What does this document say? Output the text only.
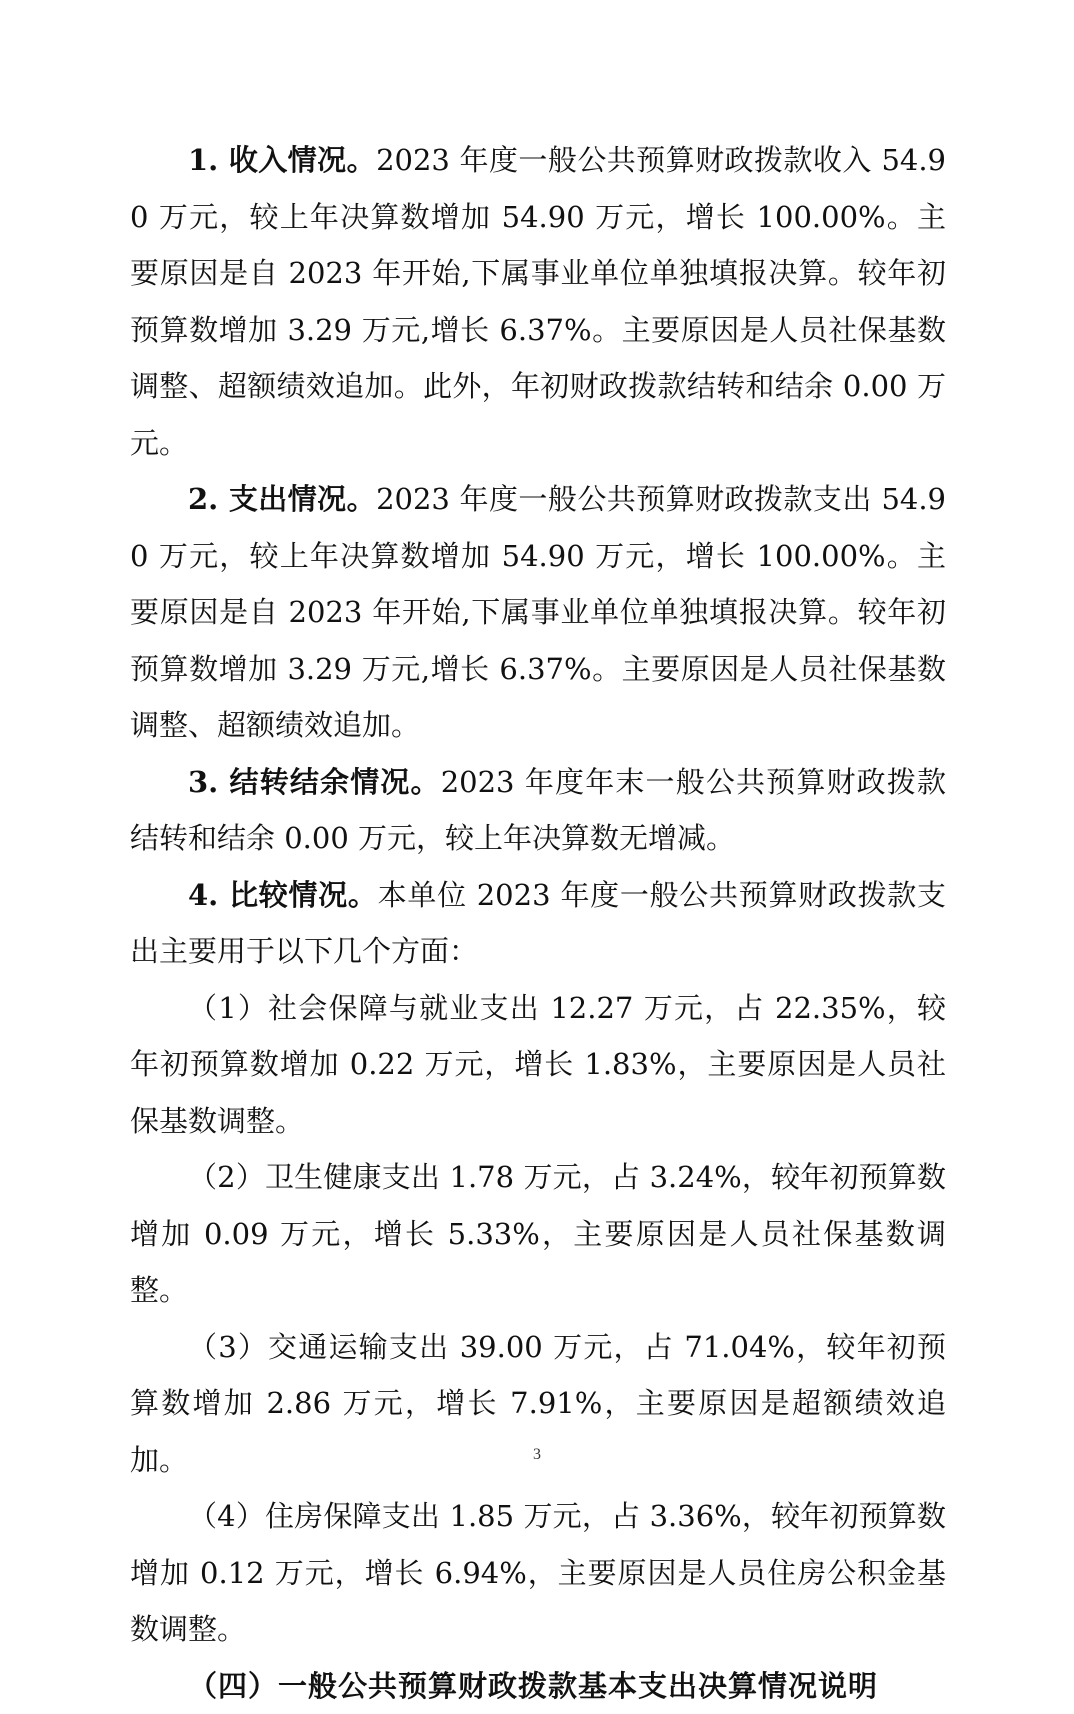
1. 收入情况。2023 年度一般公共预算财政拨款收入 54.90 万元，较上年决算数增加 54.90 万元，增长 100.00%。主要原因是自 2023 年开始,下属事业单位单独填报决算。较年初预算数增加 3.29 万元,增长 6.37%。主要原因是人员社保基数调整、超额绩效追加。此外，年初财政拨款结转和结余 0.00 万元。

2. 支出情况。2023 年度一般公共预算财政拨款支出 54.90 万元，较上年决算数增加 54.90 万元，增长 100.00%。主要原因是自 2023 年开始,下属事业单位单独填报决算。较年初预算数增加 3.29 万元,增长 6.37%。主要原因是人员社保基数调整、超额绩效追加。

3. 结转结余情况。2023 年度年末一般公共预算财政拨款结转和结余 0.00 万元，较上年决算数无增减。

4. 比较情况。本单位 2023 年度一般公共预算财政拨款支出主要用于以下几个方面：

（1）社会保障与就业支出 12.27 万元，占 22.35%，较年初预算数增加 0.22 万元，增长 1.83%，主要原因是人员社保基数调整。

（2）卫生健康支出 1.78 万元，占 3.24%，较年初预算数增加 0.09 万元，增长 5.33%，主要原因是人员社保基数调整。

（3）交通运输支出 39.00 万元，占 71.04%，较年初预算数增加 2.86 万元，增长 7.91%，主要原因是超额绩效追加。

（4）住房保障支出 1.85 万元，占 3.36%，较年初预算数增加 0.12 万元，增长 6.94%，主要原因是人员住房公积金基数调整。

（四）一般公共预算财政拨款基本支出决算情况说明

3
